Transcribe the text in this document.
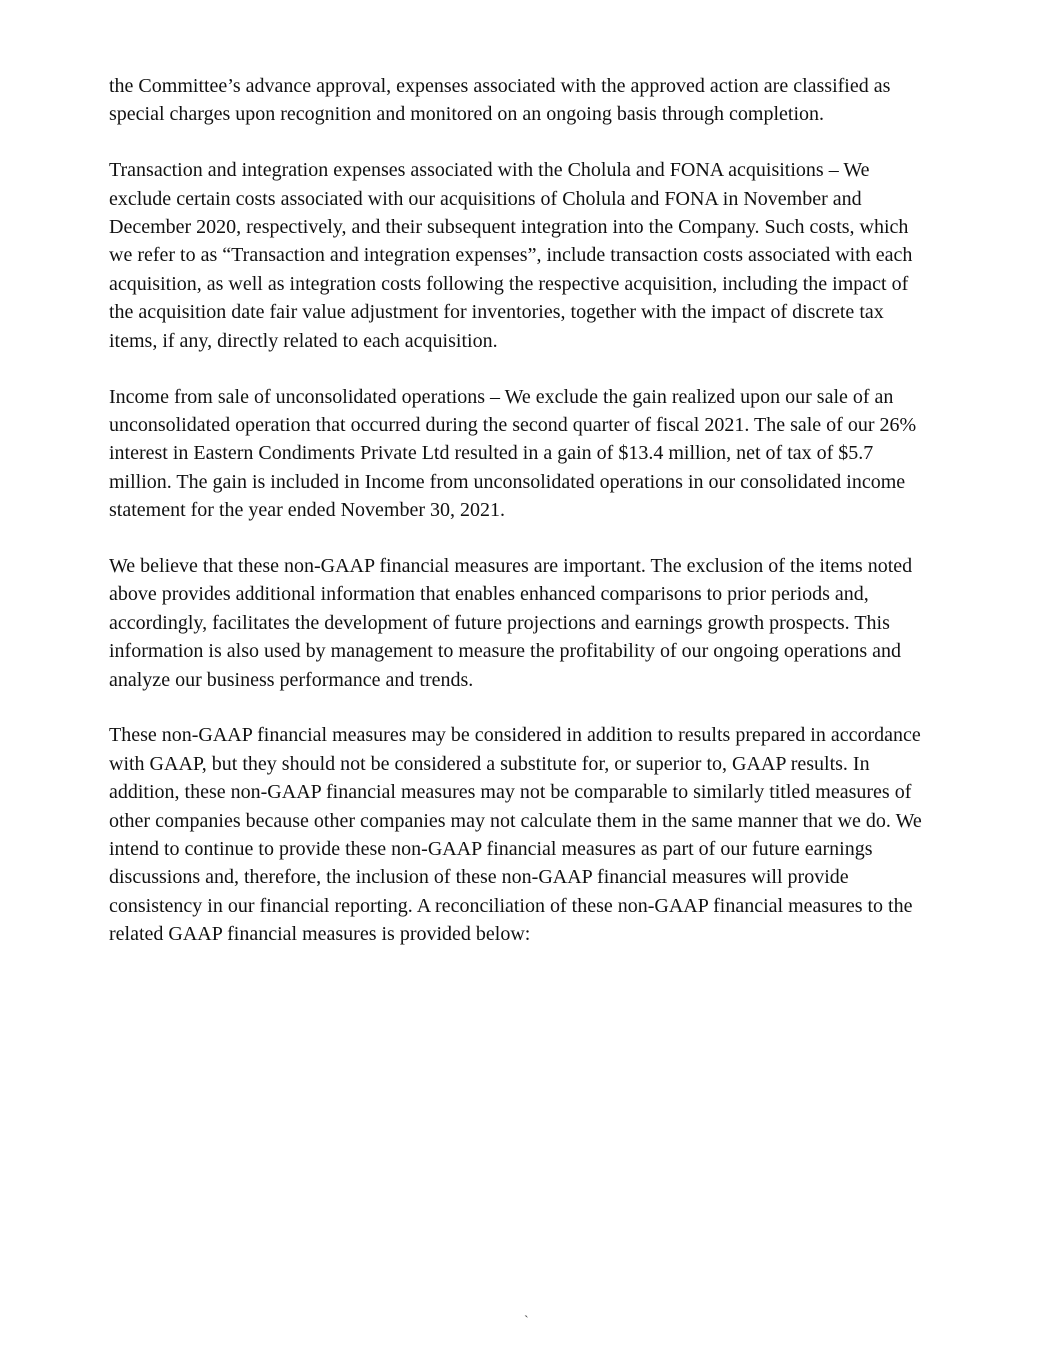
the Committee’s advance approval, expenses associated with the approved action are classified as
special charges upon recognition and monitored on an ongoing basis through completion.

Transaction and integration expenses associated with the Cholula and FONA acquisitions – We
exclude certain costs associated with our acquisitions of Cholula and FONA in November and
December 2020, respectively, and their subsequent integration into the Company. Such costs, which
we refer to as “Transaction and integration expenses”, include transaction costs associated with each
acquisition, as well as integration costs following the respective acquisition, including the impact of
the acquisition date fair value adjustment for inventories, together with the impact of discrete tax
items, if any, directly related to each acquisition.

Income from sale of unconsolidated operations – We exclude the gain realized upon our sale of an
unconsolidated operation that occurred during the second quarter of fiscal 2021. The sale of our 26%
interest in Eastern Condiments Private Ltd resulted in a gain of $13.4 million, net of tax of $5.7
million. The gain is included in Income from unconsolidated operations in our consolidated income
statement for the year ended November 30, 2021.

We believe that these non-GAAP financial measures are important. The exclusion of the items noted
above provides additional information that enables enhanced comparisons to prior periods and,
accordingly, facilitates the development of future projections and earnings growth prospects. This
information is also used by management to measure the profitability of our ongoing operations and
analyze our business performance and trends.

These non-GAAP financial measures may be considered in addition to results prepared in accordance
with GAAP, but they should not be considered a substitute for, or superior to, GAAP results. In
addition, these non-GAAP financial measures may not be comparable to similarly titled measures of
other companies because other companies may not calculate them in the same manner that we do. We
intend to continue to provide these non-GAAP financial measures as part of our future earnings
discussions and, therefore, the inclusion of these non-GAAP financial measures will provide
consistency in our financial reporting. A reconciliation of these non-GAAP financial measures to the
related GAAP financial measures is provided below:

`
